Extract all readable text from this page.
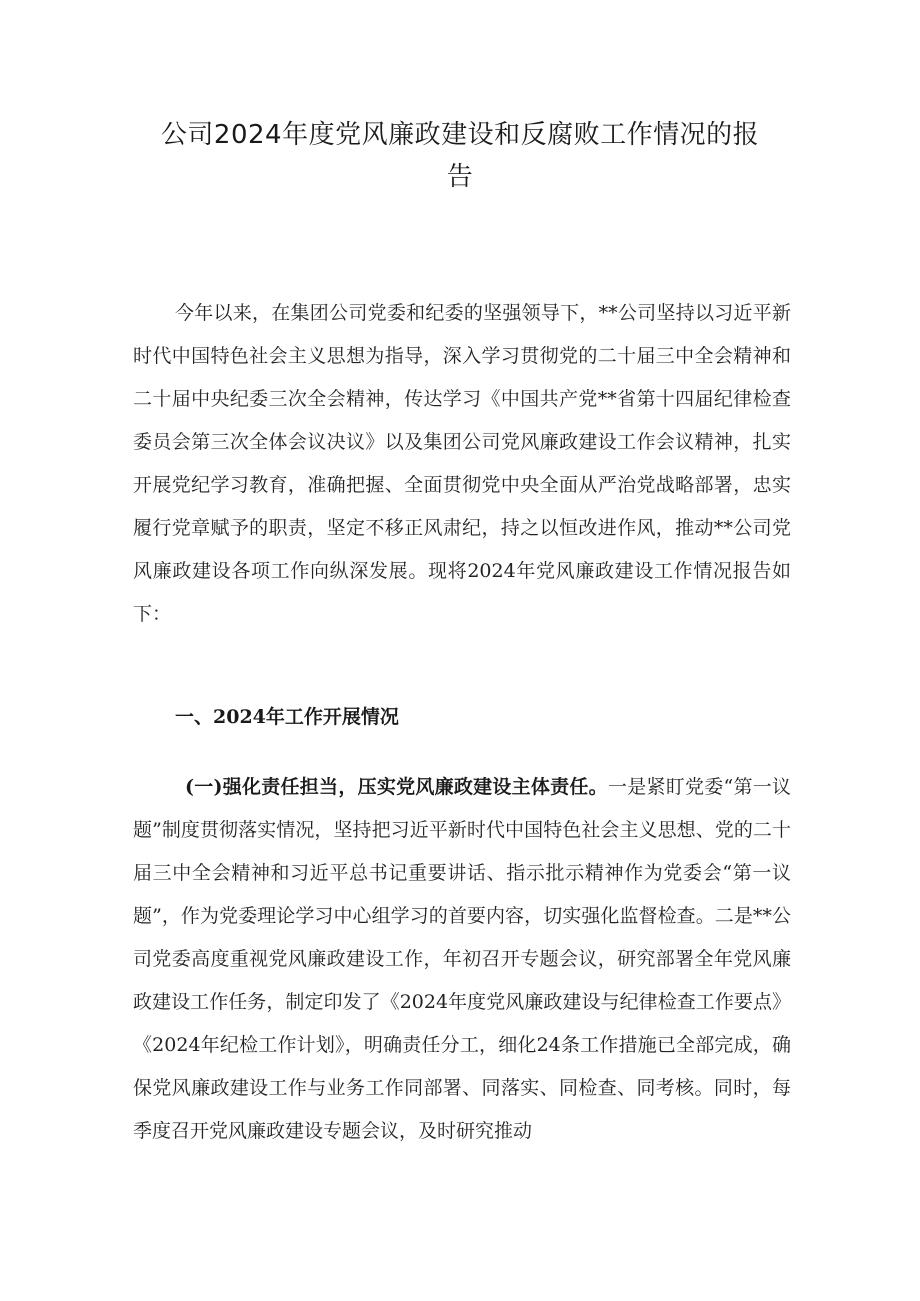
公司2024年度党风廉政建设和反腐败工作情况的报告

今年以来，在集团公司党委和纪委的坚强领导下，**公司坚持以习近平新时代中国特色社会主义思想为指导，深入学习贯彻党的二十届三中全会精神和二十届中央纪委三次全会精神，传达学习《中国共产党**省第十四届纪律检查委员会第三次全体会议决议》以及集团公司党风廉政建设工作会议精神，扎实开展党纪学习教育，准确把握、全面贯彻党中央全面从严治党战略部署，忠实履行党章赋予的职责，坚定不移正风肃纪，持之以恒改进作风，推动**公司党风廉政建设各项工作向纵深发展。现将2024年党风廉政建设工作情况报告如下：

一、2024年工作开展情况

(一)强化责任担当，压实党风廉政建设主体责任。一是紧盯党委“第一议题”制度贯彻落实情况，坚持把习近平新时代中国特色社会主义思想、党的二十届三中全会精神和习近平总书记重要讲话、指示批示精神作为党委会“第一议题”，作为党委理论学习中心组学习的首要内容，切实强化监督检查。二是**公司党委高度重视党风廉政建设工作，年初召开专题会议，研究部署全年党风廉政建设工作任务，制定印发了《2024年度党风廉政建设与纪律检查工作要点》《2024年纪检工作计划》，明确责任分工，细化24条工作措施已全部完成，确保党风廉政建设工作与业务工作同部署、同落实、同检查、同考核。同时，每季度召开党风廉政建设专题会议，及时研究推动
